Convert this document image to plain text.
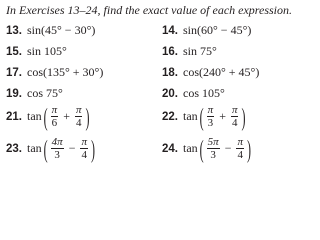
In Exercises 13–24, find the exact value of each expression.
13. sin(45° − 30°)	14. sin(60° − 45°)
15. sin 105°	16. sin 75°
17. cos(135° + 30°)	18. cos(240° + 45°)
19. cos 75°	20. cos 105°
21. tan ( $\frac{\pi}{6} + \frac{\pi}{4}$ )	22. tan ( $\frac{\pi}{3} + \frac{\pi}{4}$ )
23. tan ( $\frac{4\pi}{3} - \frac{\pi}{4}$ )	24. tan ( $\frac{5\pi}{3} - \frac{\pi}{4}$ )
